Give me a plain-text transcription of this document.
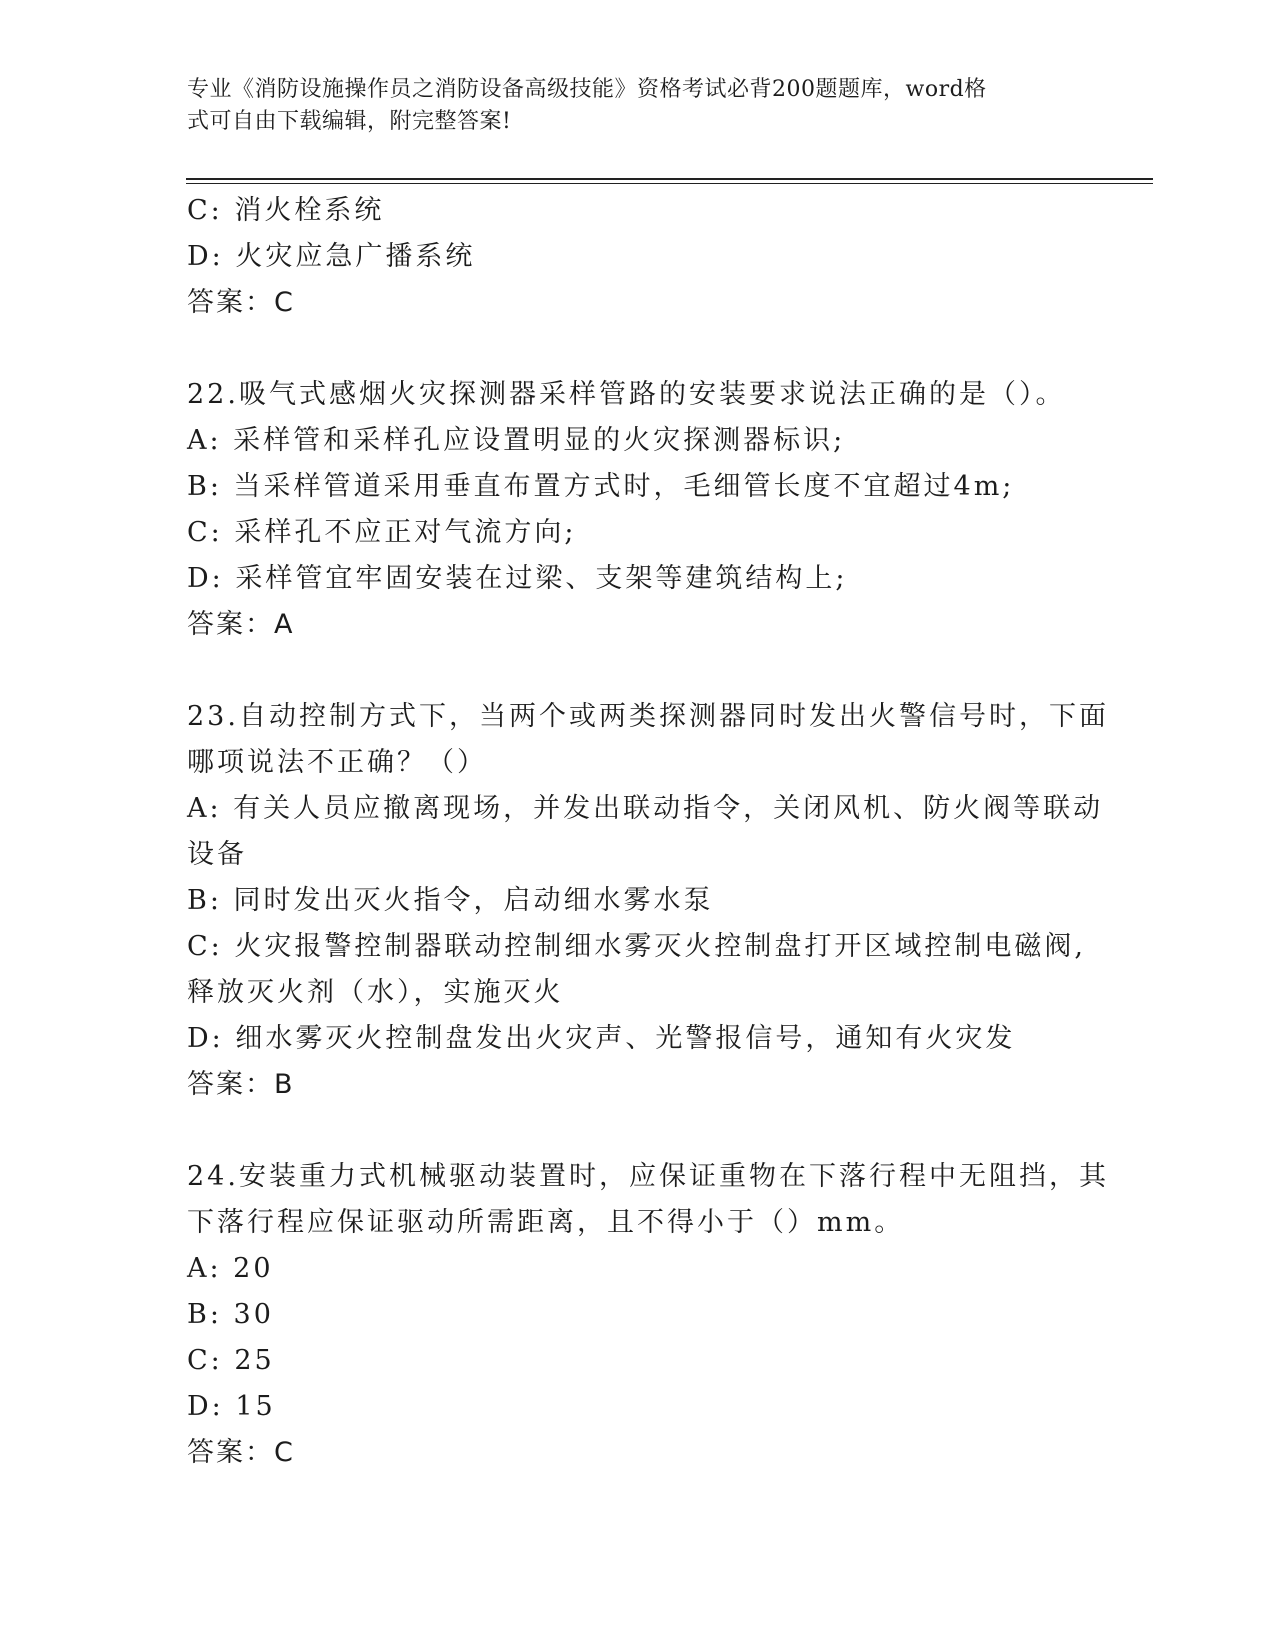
专业《消防设施操作员之消防设备高级技能》资格考试必背200题题库，word格
式可自由下载编辑，附完整答案!
C: 消火栓系统
D: 火灾应急广播系统
答案：C
22.吸气式感烟火灾探测器采样管路的安装要求说法正确的是（）。
A: 采样管和采样孔应设置明显的火灾探测器标识;
B: 当采样管道采用垂直布置方式时，毛细管长度不宜超过4m;
C: 采样孔不应正对气流方向;
D: 采样管宜牢固安装在过梁、支架等建筑结构上;
答案：A
23.自动控制方式下，当两个或两类探测器同时发出火警信号时，下面
哪项说法不正确？（）
A: 有关人员应撤离现场，并发出联动指令，关闭风机、防火阀等联动
设备
B: 同时发出灭火指令，启动细水雾水泵
C: 火灾报警控制器联动控制细水雾灭火控制盘打开区域控制电磁阀,
释放灭火剂（水），实施灭火
D: 细水雾灭火控制盘发出火灾声、光警报信号，通知有火灾发
答案：B
24.安装重力式机械驱动装置时，应保证重物在下落行程中无阻挡，其
下落行程应保证驱动所需距离，且不得小于（）mm。
A: 20
B: 30
C: 25
D: 15
答案：C
